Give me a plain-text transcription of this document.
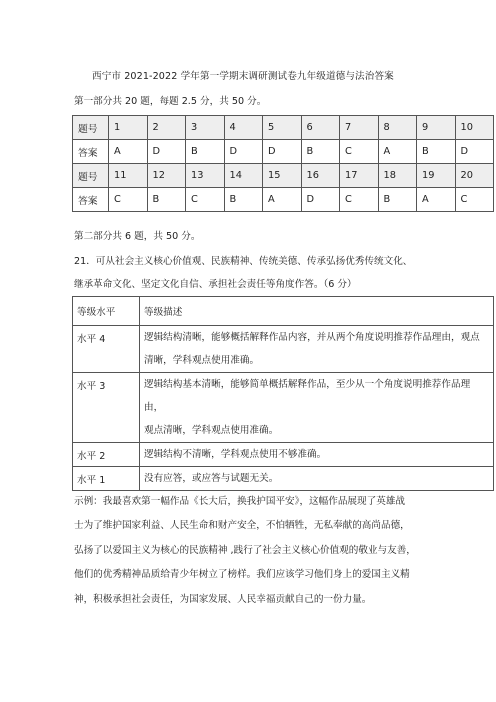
西宁市 2021-2022 学年第一学期末调研测试卷九年级道德与法治答案
第一部分共 20 题，每题 2.5 分，共 50 分。
题号	1	2	3	4	5	6	7	8	9	10
答案	A	D	B	D	D	B	C	A	B	D
题号	11	12	13	14	15	16	17	18	19	20
答案	C	B	C	B	A	D	C	B	A	C
第二部分共 6 题，共 50 分。
21．可从社会主义核心价值观、民族精神、传统美德、传承弘扬优秀传统文化、
继承革命文化、坚定文化自信、承担社会责任等角度作答。（6 分）
等级水平	等级描述
水平 4	逻辑结构清晰，能够概括解释作品内容，并从两个角度说明推荐作品理由，观点
清晰，学科观点使用准确。

水平 3	逻辑结构基本清晰，能够简单概括解释作品，至少从一个角度说明推荐作品理由，
观点清晰，学科观点使用准确。

水平 2	逻辑结构不清晰，学科观点使用不够准确。

水平 1	没有应答，或应答与试题无关。
示例：我最喜欢第一幅作品《长大后，换我护国平安》，这幅作品展现了英雄战
士为了维护国家利益、人民生命和财产安全，不怕牺牲，无私奉献的高尚品德，
弘扬了以爱国主义为核心的民族精神 ,践行了社会主义核心价值观的敬业与友善，
他们的优秀精神品质给青少年树立了榜样。我们应该学习他们身上的爱国主义精
神，积极承担社会责任，为国家发展、人民幸福贡献自己的一份力量。
